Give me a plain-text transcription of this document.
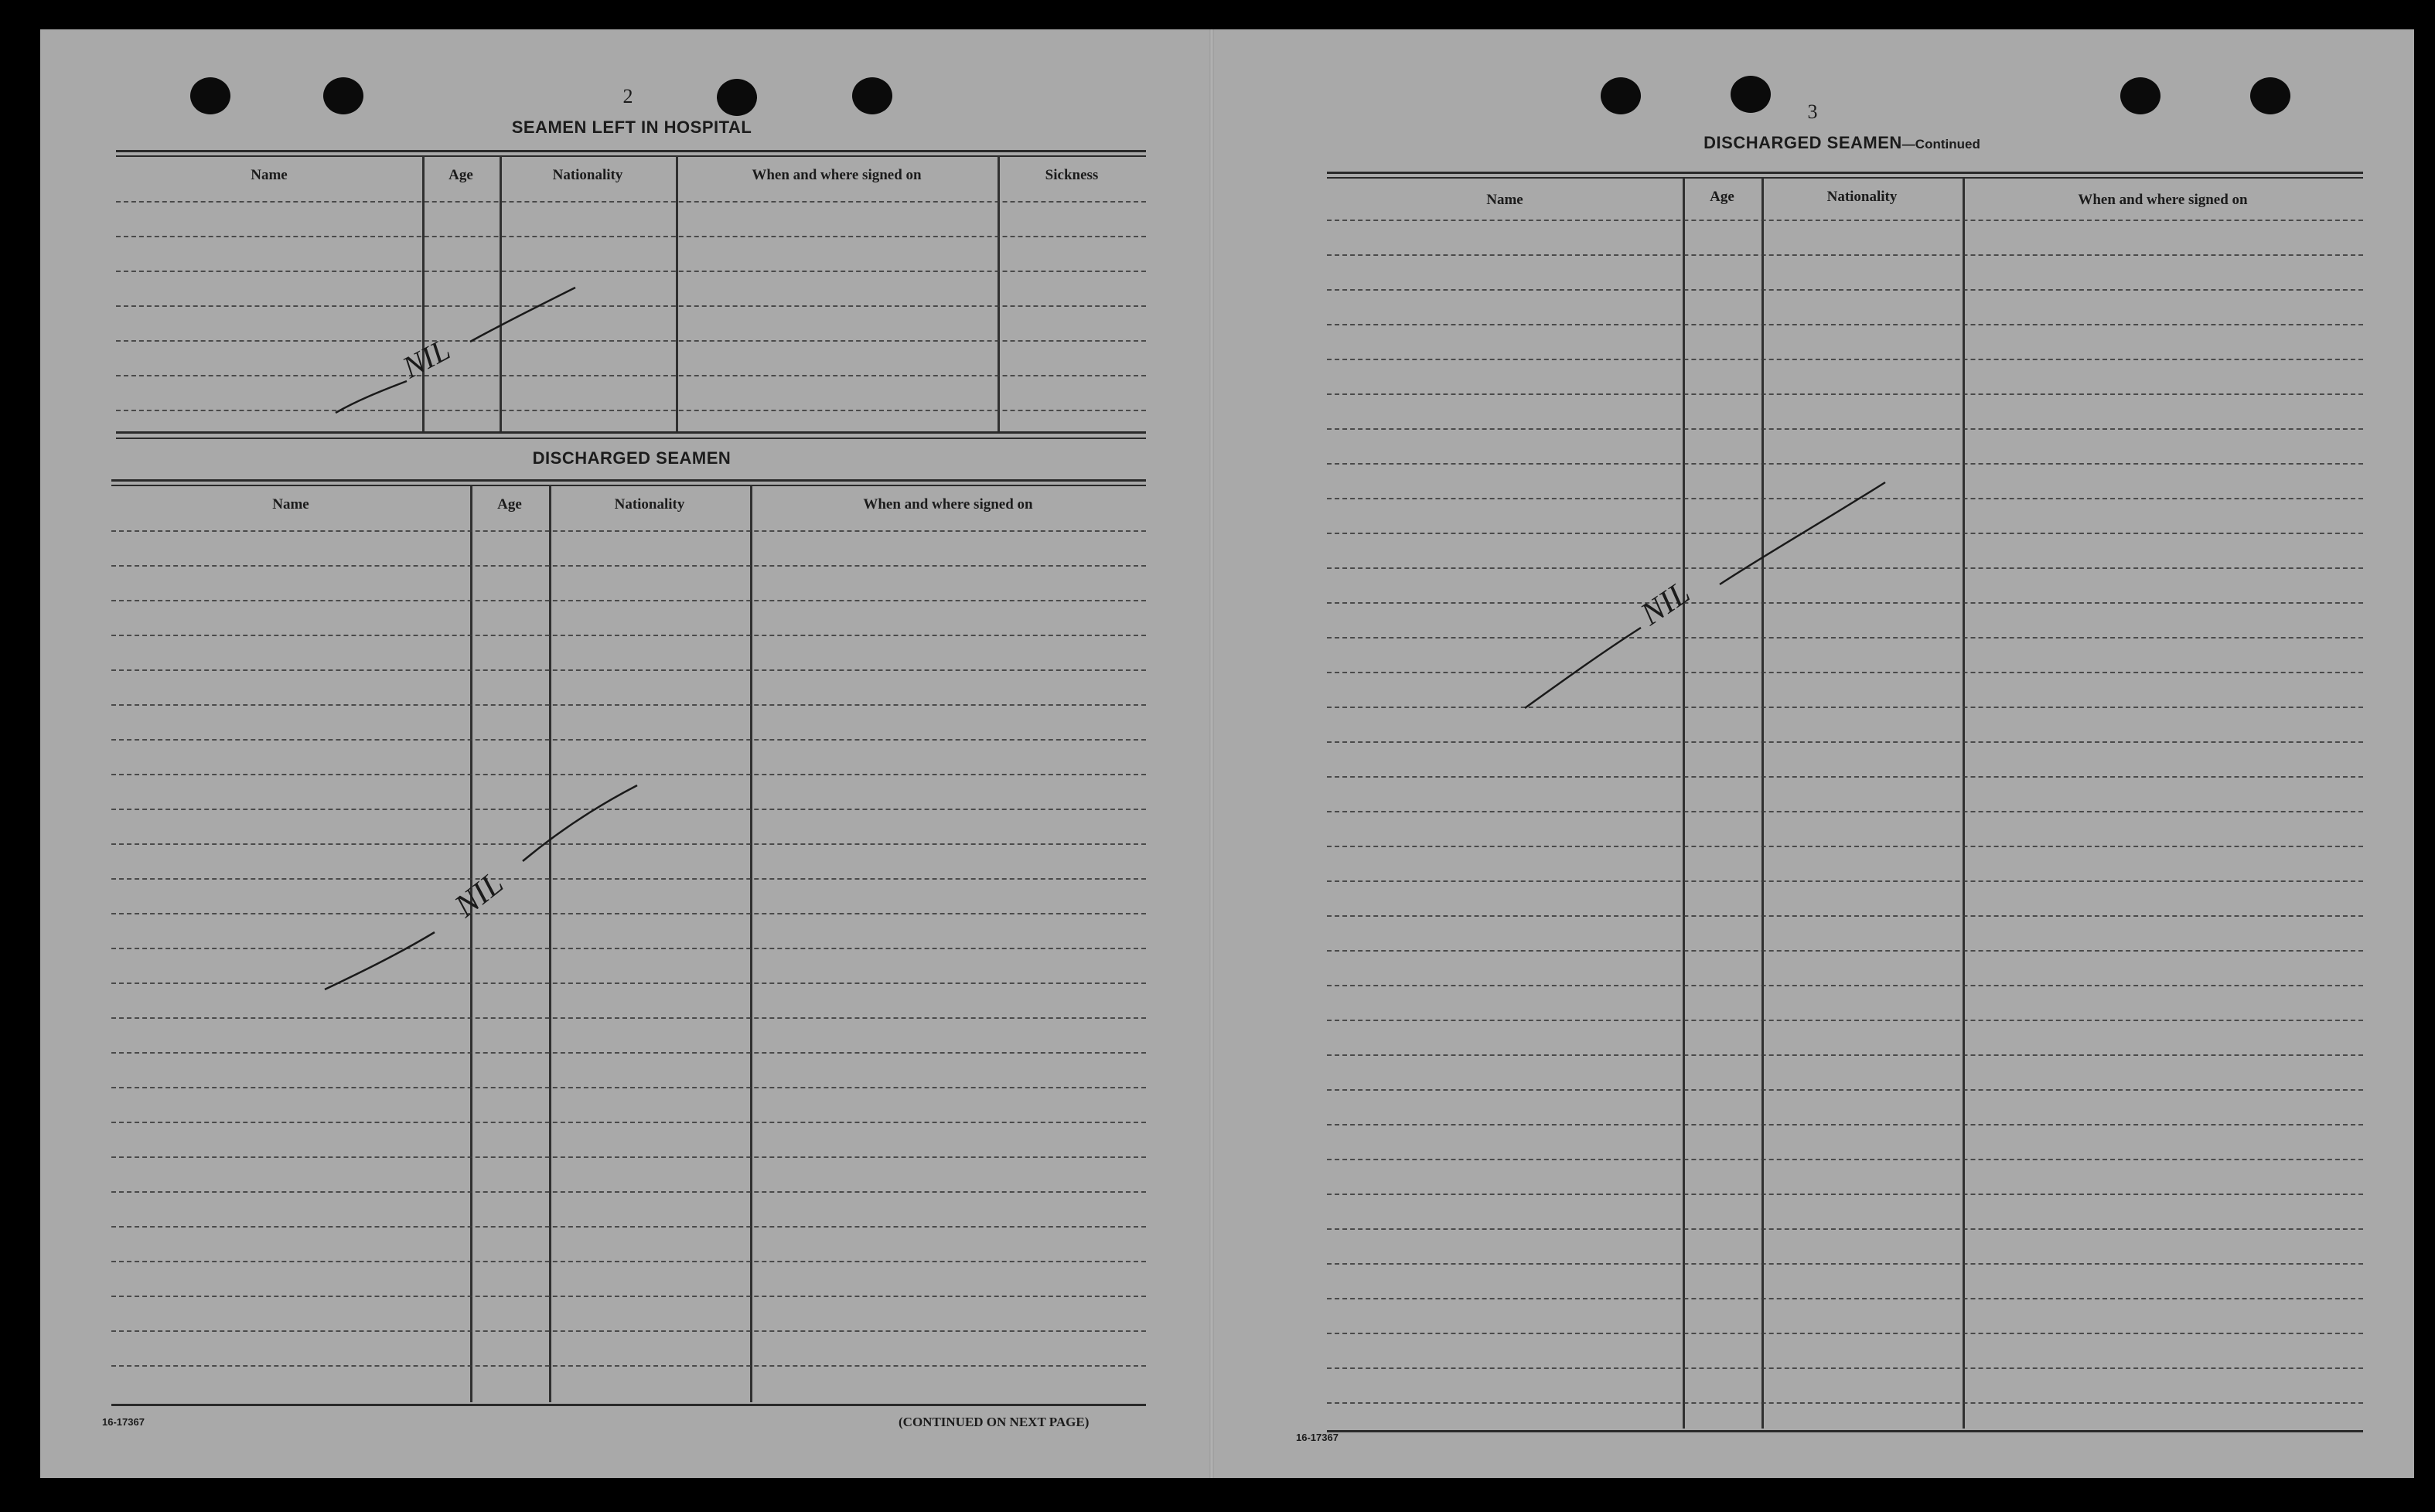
2
SEAMEN LEFT IN HOSPITAL
Name	Age	Nationality	When and where signed on	Sickness
NIL
DISCHARGED SEAMEN
Name	Age	Nationality	When and where signed on
NIL
16-17367	(CONTINUED ON NEXT PAGE)
3
DISCHARGED SEAMEN—Continued
Name	Age	Nationality	When and where signed on
NIL
16-17367
